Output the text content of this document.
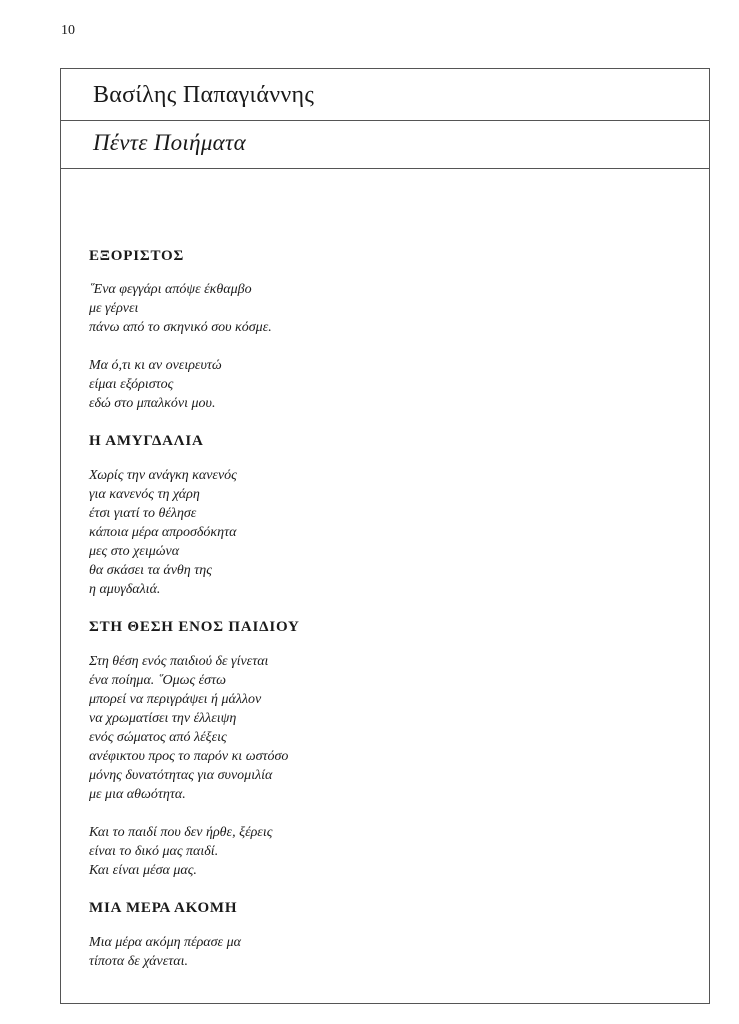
10
Βασίλης Παπαγιάννης
Πέντε Ποιήματα
ΕΞΟΡΙΣΤΟΣ

῞Ενα φεγγάρι απόψε έκθαμβο
με γέρνει
πάνω από το σκηνικό σου κόσμε.

Μα ό,τι κι αν ονειρευτώ
είμαι εξόριστος
εδώ στο μπαλκόνι μου.

Η ΑΜΥΓΔΑΛΙΑ

Χωρίς την ανάγκη κανενός
για κανενός τη χάρη
έτσι γιατί το θέλησε
κάποια μέρα απροσδόκητα
μες στο χειμώνα
θα σκάσει τα άνθη της
η αμυγδαλιά.

ΣΤΗ ΘΕΣΗ ΕΝΟΣ ΠΑΙΔΙΟΥ

Στη θέση ενός παιδιού δε γίνεται
ένα ποίημα. ῞Ομως έστω
μπορεί να περιγράψει ή μάλλον
να χρωματίσει την έλλειψη
ενός σώματος από λέξεις
ανέφικτου προς το παρόν κι ωστόσο
μόνης δυνατότητας για συνομιλία
με μια αθωότητα.

Και το παιδί που δεν ήρθε, ξέρεις
είναι το δικό μας παιδί.
Και είναι μέσα μας.

ΜΙΑ ΜΕΡΑ ΑΚΟΜΗ

Μια μέρα ακόμη πέρασε μα
τίποτα δε χάνεται.
